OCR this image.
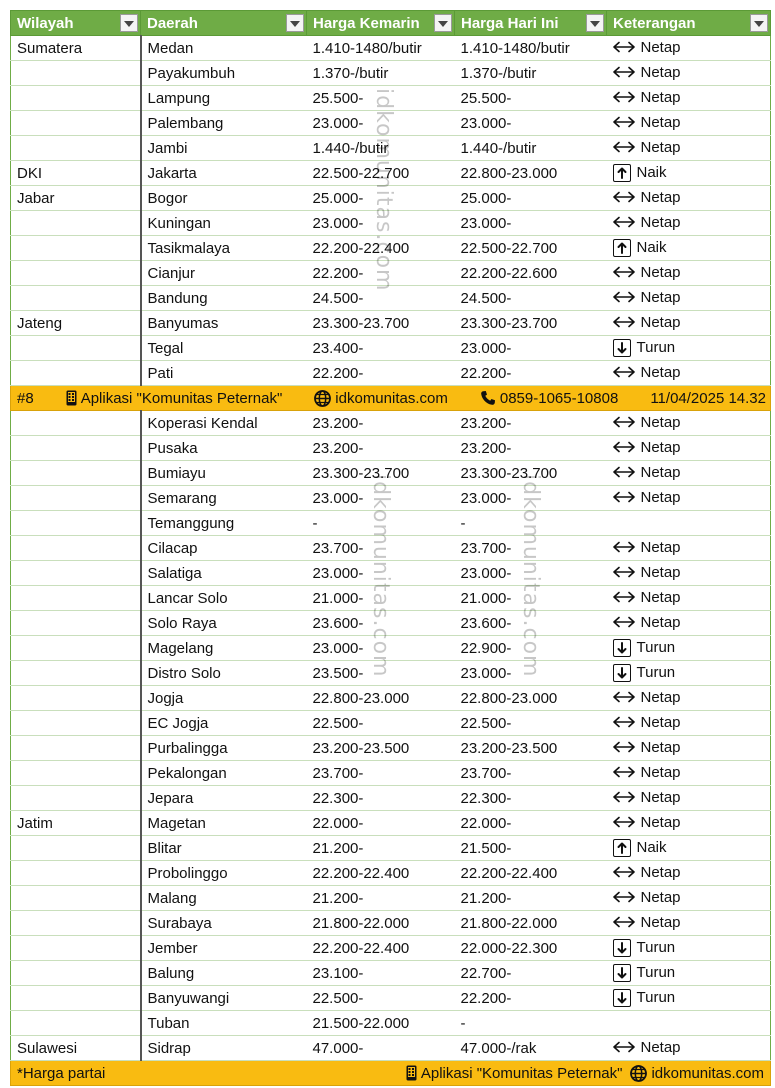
Wilayah	Daerah	Harga Kemarin	Harga Hari Ini	Keterangan

Sumatera	Medan	1.410-1480/butir	1.410-1480/butir	Netap

	Payakumbuh	1.370-/butir	1.370-/butir	Netap

	Lampung	25.500-	25.500-	Netap

	Palembang	23.000-	23.000-	Netap

	Jambi	1.440-/butir	1.440-/butir	Netap

DKI	Jakarta	22.500-22.700	22.800-23.000	Naik

Jabar	Bogor	25.000-	25.000-	Netap

	Kuningan	23.000-	23.000-	Netap

	Tasikmalaya	22.200-22.400	22.500-22.700	Naik

	Cianjur	22.200-	22.200-22.600	Netap

	Bandung	24.500-	24.500-	Netap

Jateng	Banyumas	23.300-23.700	23.300-23.700	Netap

	Tegal	23.400-	23.000-	Turun

	Pati	22.200-	22.200-	Netap

#8 Aplikasi "Komunitas Peternak" idkomunitas.com 0859-1065-10808 11/04/2025 14.32				

	Koperasi Kendal	23.200-	23.200-	Netap

	Pusaka	23.200-	23.200-	Netap

	Bumiayu	23.300-23.700	23.300-23.700	Netap

	Semarang	23.000-	23.000-	Netap

	Temanggung	-	-	
	Cilacap	23.700-	23.700-	Netap

	Salatiga	23.000-	23.000-	Netap

	Lancar Solo	21.000-	21.000-	Netap

	Solo Raya	23.600-	23.600-	Netap

	Magelang	23.000-	22.900-	Turun

	Distro Solo	23.500-	23.000-	Turun

	Jogja	22.800-23.000	22.800-23.000	Netap

	EC Jogja	22.500-	22.500-	Netap

	Purbalingga	23.200-23.500	23.200-23.500	Netap

	Pekalongan	23.700-	23.700-	Netap

	Jepara	22.300-	22.300-	Netap

Jatim	Magetan	22.000-	22.000-	Netap

	Blitar	21.200-	21.500-	Naik

	Probolinggo	22.200-22.400	22.200-22.400	Netap

	Malang	21.200-	21.200-	Netap

	Surabaya	21.800-22.000	21.800-22.000	Netap

	Jember	22.200-22.400	22.000-22.300	Turun

	Balung	23.100-	22.700-	Turun

	Banyuwangi	22.500-	22.200-	Turun

	Tuban	21.500-22.000	-	
Sulawesi	Sidrap	47.000-	47.000-/rak	Netap

*Harga partai Aplikasi "Komunitas Peternak" idkomunitas.com				
idkomunitas.com
idkomunitas.com	idkomunitas.com
